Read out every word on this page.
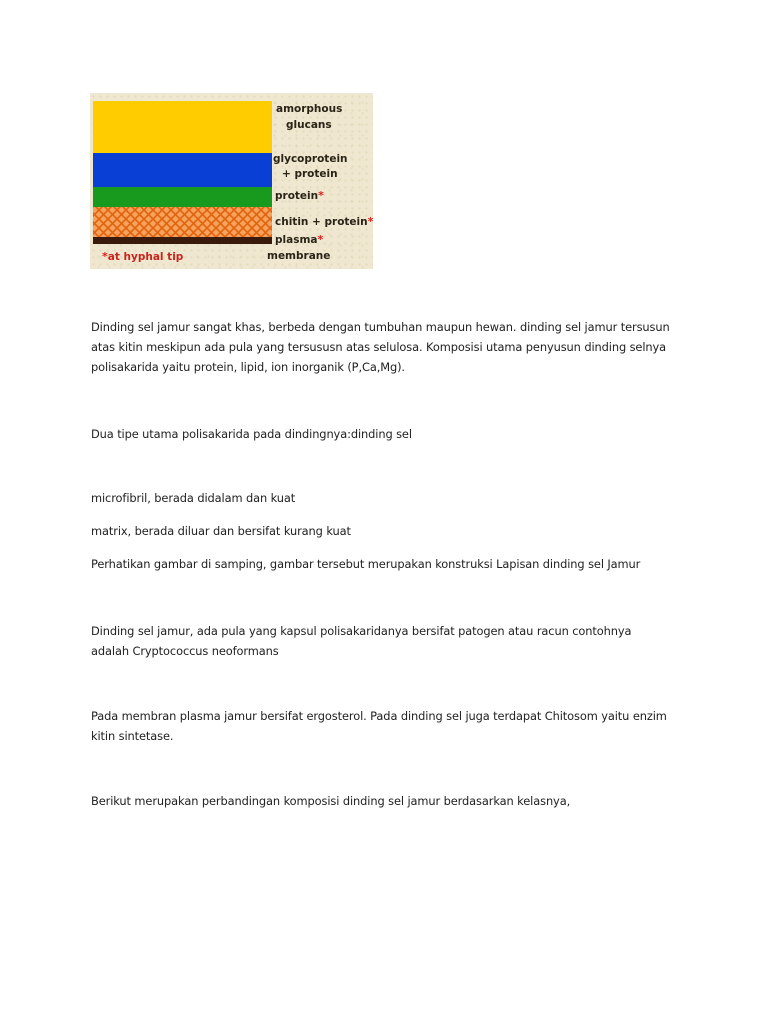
amorphous
glucans
glycoprotein
+ protein
protein*
chitin + protein*
plasma*
membrane
*at hyphal tip
Dinding sel jamur sangat khas, berbeda dengan tumbuhan maupun hewan. dinding sel jamur tersusun atas kitin meskipun ada pula yang tersususn atas selulosa. Komposisi utama penyusun dinding selnya polisakarida yaitu protein, lipid, ion inorganik (P,Ca,Mg).
Dua tipe utama polisakarida pada dindingnya:dinding sel
microfibril, berada didalam dan kuat
matrix, berada diluar dan bersifat kurang kuat
Perhatikan gambar di samping, gambar tersebut merupakan konstruksi Lapisan dinding sel Jamur
Dinding sel jamur, ada pula yang kapsul polisakaridanya bersifat patogen atau racun contohnya adalah Cryptococcus neoformans
Pada membran plasma jamur bersifat ergosterol. Pada dinding sel juga terdapat Chitosom yaitu enzim kitin sintetase.
Berikut merupakan perbandingan komposisi dinding sel jamur berdasarkan kelasnya,
